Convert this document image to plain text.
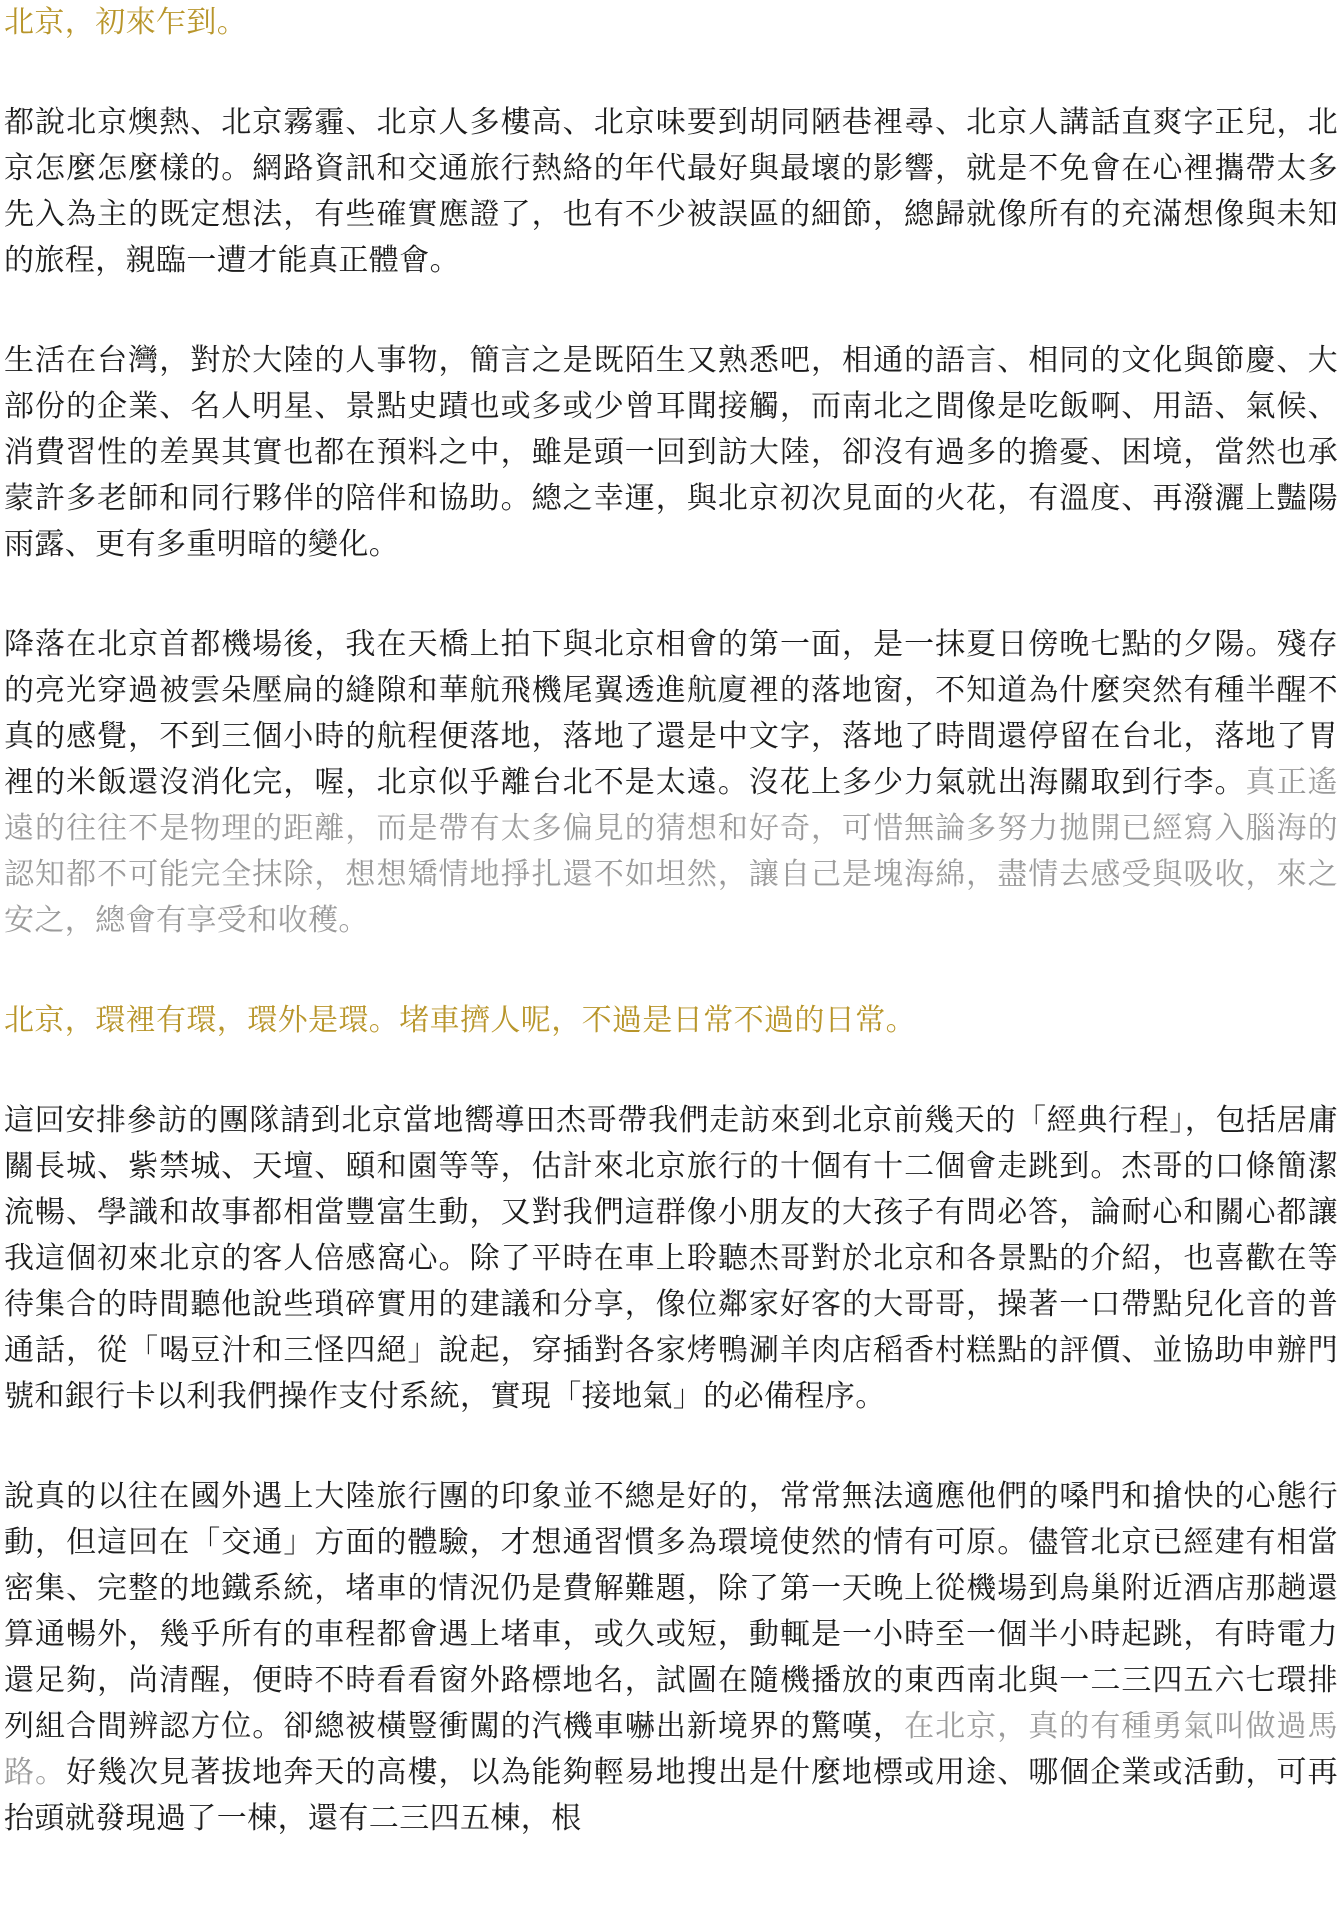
北京，初來乍到。

都說北京燠熱、北京霧霾、北京人多樓高、北京味要到胡同陋巷裡尋、北京人講話直爽字正兒，北京怎麼怎麼樣的。網路資訊和交通旅行熱絡的年代最好與最壞的影響，就是不免會在心裡攜帶太多先入為主的既定想法，有些確實應證了，也有不少被誤區的細節，總歸就像所有的充滿想像與未知的旅程，親臨一遭才能真正體會。

生活在台灣，對於大陸的人事物，簡言之是既陌生又熟悉吧，相通的語言、相同的文化與節慶、大部份的企業、名人明星、景點史蹟也或多或少曾耳聞接觸，而南北之間像是吃飯啊、用語、氣候、消費習性的差異其實也都在預料之中，雖是頭一回到訪大陸，卻沒有過多的擔憂、困境，當然也承蒙許多老師和同行夥伴的陪伴和協助。總之幸運，與北京初次見面的火花，有溫度、再潑灑上豔陽雨露、更有多重明暗的變化。

降落在北京首都機場後，我在天橋上拍下與北京相會的第一面，是一抹夏日傍晚七點的夕陽。殘存的亮光穿過被雲朵壓扁的縫隙和華航飛機尾翼透進航廈裡的落地窗，不知道為什麼突然有種半醒不真的感覺，不到三個小時的航程便落地，落地了還是中文字，落地了時間還停留在台北，落地了胃裡的米飯還沒消化完，喔，北京似乎離台北不是太遠。沒花上多少力氣就出海關取到行李。真正遙遠的往往不是物理的距離，而是帶有太多偏見的猜想和好奇，可惜無論多努力拋開已經寫入腦海的認知都不可能完全抹除，想想矯情地掙扎還不如坦然，讓自己是塊海綿，盡情去感受與吸收，來之安之，總會有享受和收穫。

北京，環裡有環，環外是環。堵車擠人呢，不過是日常不過的日常。

這回安排參訪的團隊請到北京當地嚮導田杰哥帶我們走訪來到北京前幾天的「經典行程」，包括居庸關長城、紫禁城、天壇、頤和園等等，估計來北京旅行的十個有十二個會走跳到。杰哥的口條簡潔流暢、學識和故事都相當豐富生動，又對我們這群像小朋友的大孩子有問必答，論耐心和關心都讓我這個初來北京的客人倍感窩心。除了平時在車上聆聽杰哥對於北京和各景點的介紹，也喜歡在等待集合的時間聽他說些瑣碎實用的建議和分享，像位鄰家好客的大哥哥，操著一口帶點兒化音的普通話，從「喝豆汁和三怪四絕」說起，穿插對各家烤鴨涮羊肉店稻香村糕點的評價、並協助申辦門號和銀行卡以利我們操作支付系統，實現「接地氣」的必備程序。

說真的以往在國外遇上大陸旅行團的印象並不總是好的，常常無法適應他們的嗓門和搶快的心態行動，但這回在「交通」方面的體驗，才想通習慣多為環境使然的情有可原。儘管北京已經建有相當密集、完整的地鐵系統，堵車的情況仍是費解難題，除了第一天晚上從機場到鳥巢附近酒店那趟還算通暢外，幾乎所有的車程都會遇上堵車，或久或短，動輒是一小時至一個半小時起跳，有時電力還足夠，尚清醒，便時不時看看窗外路標地名，試圖在隨機播放的東西南北與一二三四五六七環排列組合間辨認方位。卻總被橫豎衝闖的汽機車嚇出新境界的驚嘆，在北京，真的有種勇氣叫做過馬路。好幾次見著拔地奔天的高樓，以為能夠輕易地搜出是什麼地標或用途、哪個企業或活動，可再抬頭就發現過了一棟，還有二三四五棟，根
